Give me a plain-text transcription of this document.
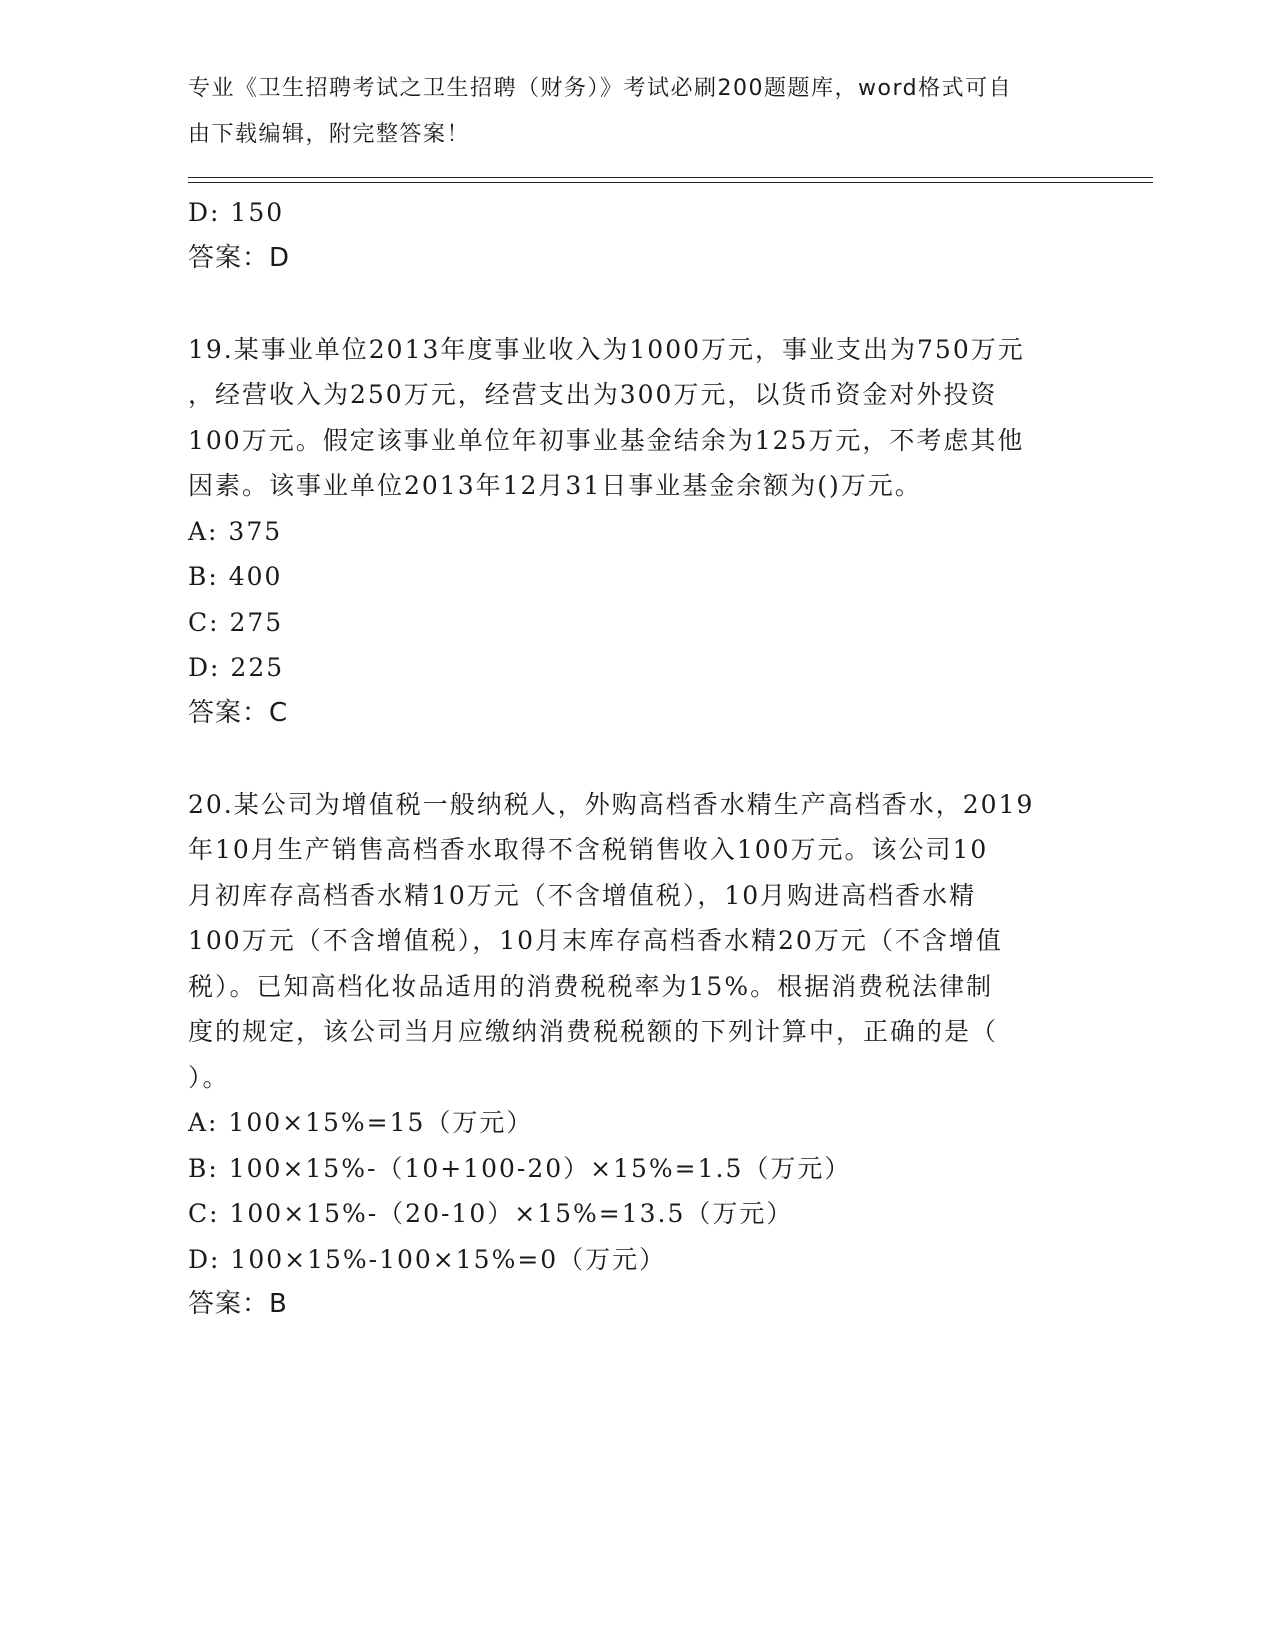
专业《卫生招聘考试之卫生招聘（财务）》考试必刷200题题库，word格式可自
由下载编辑，附完整答案！
D: 150
答案：D
19.某事业单位2013年度事业收入为1000万元，事业支出为750万元
，经营收入为250万元，经营支出为300万元，以货币资金对外投资
100万元。假定该事业单位年初事业基金结余为125万元，不考虑其他
因素。该事业单位2013年12月31日事业基金余额为()万元。
A: 375
B: 400
C: 275
D: 225
答案：C
20.某公司为增值税一般纳税人，外购高档香水精生产高档香水，2019
年10月生产销售高档香水取得不含税销售收入100万元。该公司10
月初库存高档香水精10万元（不含增值税），10月购进高档香水精
100万元（不含增值税），10月末库存高档香水精20万元（不含增值
税）。已知高档化妆品适用的消费税税率为15%。根据消费税法律制
度的规定，该公司当月应缴纳消费税税额的下列计算中，正确的是（
）。
A: 100×15%=15（万元）
B: 100×15%-（10+100-20）×15%=1.5（万元）
C: 100×15%-（20-10）×15%=13.5（万元）
D: 100×15%-100×15%=0（万元）
答案：B
